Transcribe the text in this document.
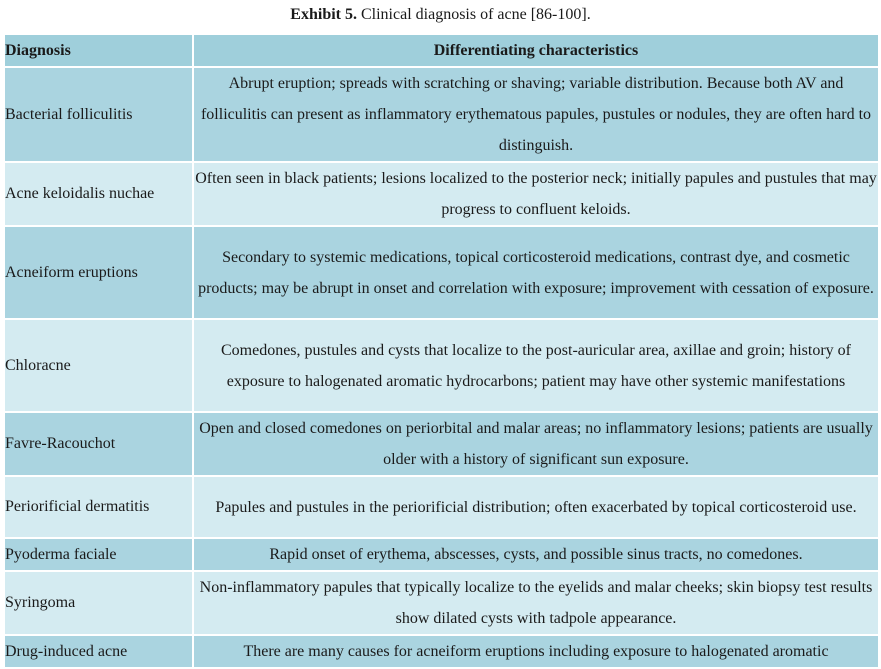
Exhibit 5. Clinical diagnosis of acne [86-100].
Diagnosis	Differentiating characteristics
Bacterial folliculitis	Abrupt eruption; spreads with scratching or shaving; variable distribution. Because both AV and folliculitis can present as inflammatory erythematous papules, pustules or nodules, they are often hard to distinguish.
Acne keloidalis nuchae	Often seen in black patients; lesions localized to the posterior neck; initially papules and pustules that may progress to confluent keloids.
Acneiform eruptions	Secondary to systemic medications, topical corticosteroid medications, contrast dye, and cosmetic products; may be abrupt in onset and correlation with exposure; improvement with cessation of exposure.
Chloracne	Comedones, pustules and cysts that localize to the post-auricular area, axillae and groin; history of exposure to halogenated aromatic hydrocarbons; patient may have other systemic manifestations
Favre-Racouchot	Open and closed comedones on periorbital and malar areas; no inflammatory lesions; patients are usually older with a history of significant sun exposure.
Periorificial dermatitis	Papules and pustules in the periorificial distribution; often exacerbated by topical corticosteroid use.
Pyoderma faciale	Rapid onset of erythema, abscesses, cysts, and possible sinus tracts, no comedones.
Syringoma	Non-inflammatory papules that typically localize to the eyelids and malar cheeks; skin biopsy test results show dilated cysts with tadpole appearance.
Drug-induced acne	There are many causes for acneiform eruptions including exposure to halogenated aromatic
